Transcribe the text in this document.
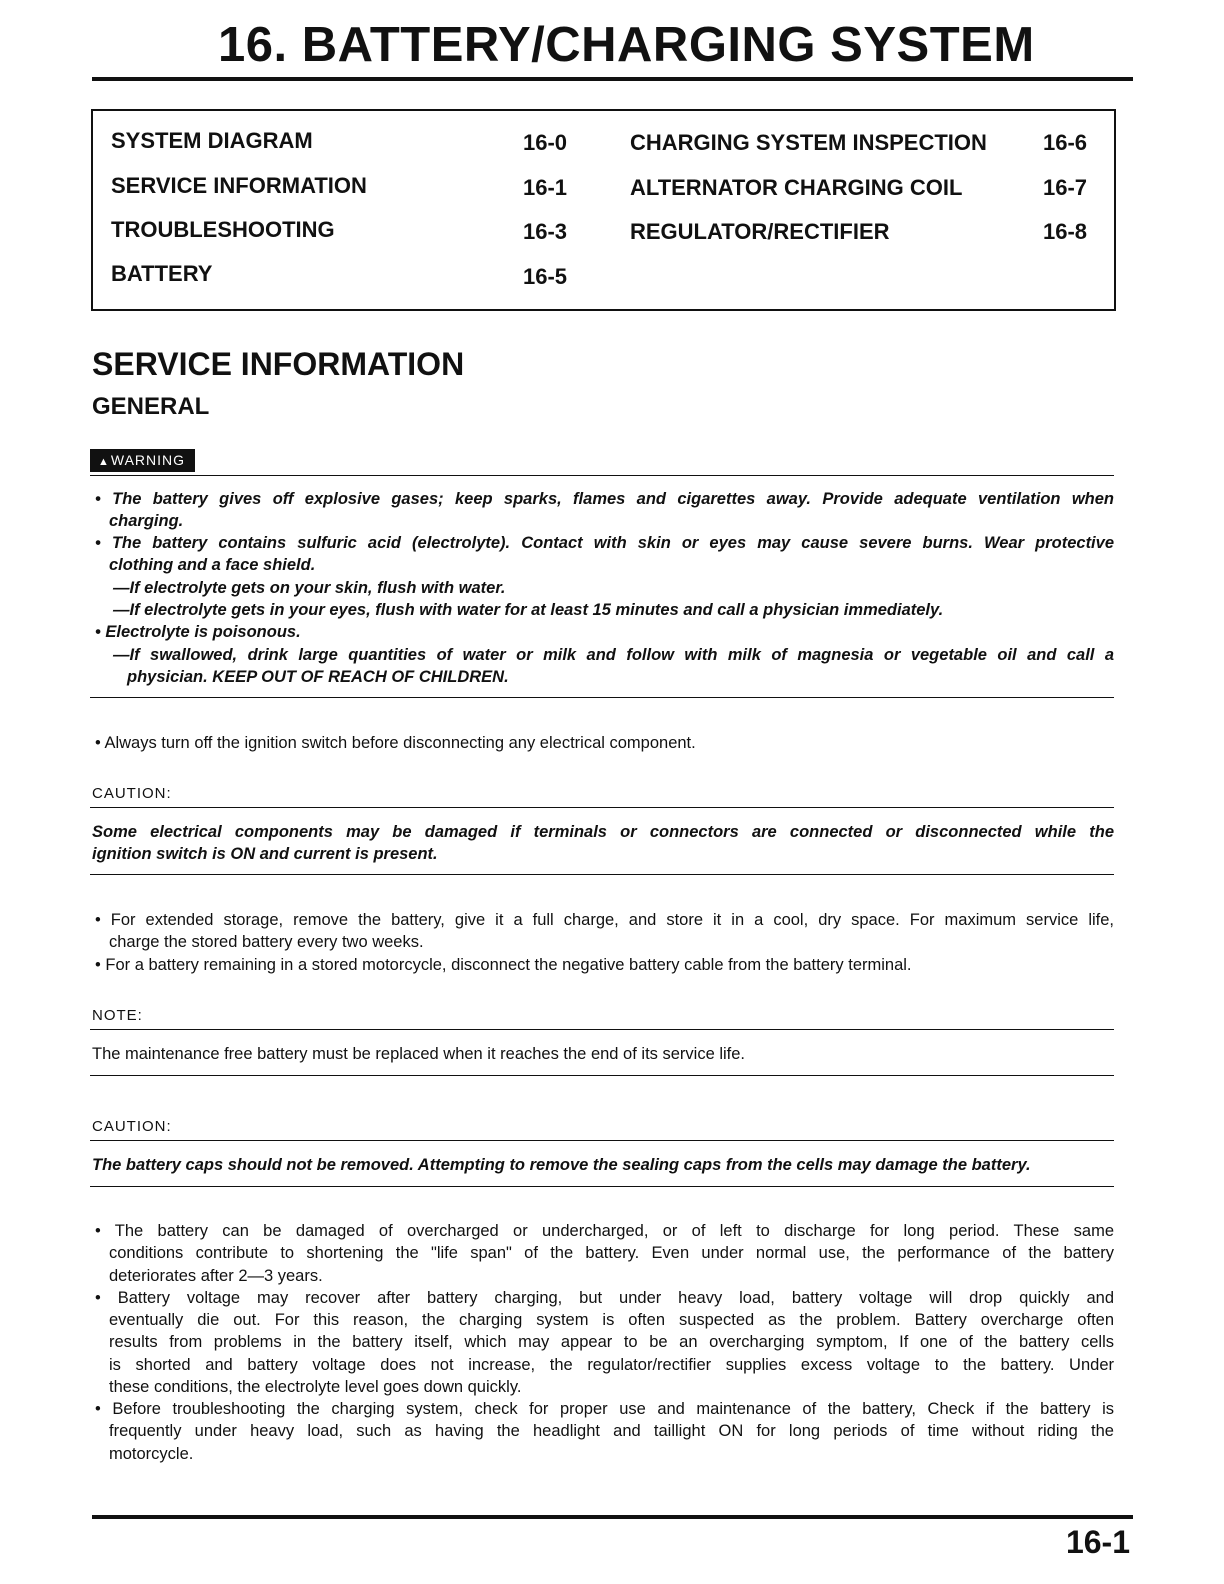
16. BATTERY/CHARGING SYSTEM
SYSTEM DIAGRAM	16-0
SERVICE INFORMATION	16-1
TROUBLESHOOTING	16-3
BATTERY	16-5
CHARGING SYSTEM INSPECTION	16-6
ALTERNATOR CHARGING COIL	16-7
REGULATOR/RECTIFIER	16-8
SERVICE INFORMATION
GENERAL
▲WARNING
• The battery gives off explosive gases; keep sparks, flames and cigarettes away. Provide adequate ventilation when
charging.
• The battery contains sulfuric acid (electrolyte). Contact with skin or eyes may cause severe burns. Wear protective
clothing and a face shield.
—If electrolyte gets on your skin, flush with water.
—If electrolyte gets in your eyes, flush with water for at least 15 minutes and call a physician immediately.
• Electrolyte is poisonous.
—If swallowed, drink large quantities of water or milk and follow with milk of magnesia or vegetable oil and call a
physician. KEEP OUT OF REACH OF CHILDREN.
• Always turn off the ignition switch before disconnecting any electrical component.
CAUTION:
Some electrical components may be damaged if terminals or connectors are connected or disconnected while the
ignition switch is ON and current is present.
• For extended storage, remove the battery, give it a full charge, and store it in a cool, dry space. For maximum service life,
charge the stored battery every two weeks.
• For a battery remaining in a stored motorcycle, disconnect the negative battery cable from the battery terminal.
NOTE:
The maintenance free battery must be replaced when it reaches the end of its service life.
CAUTION:
The battery caps should not be removed. Attempting to remove the sealing caps from the cells may damage the battery.
• The battery can be damaged of overcharged or undercharged, or of left to discharge for long period. These same
conditions contribute to shortening the "life span" of the battery. Even under normal use, the performance of the battery
deteriorates after 2—3 years.
• Battery voltage may recover after battery charging, but under heavy load, battery voltage will drop quickly and
eventually die out. For this reason, the charging system is often suspected as the problem. Battery overcharge often
results from problems in the battery itself, which may appear to be an overcharging symptom, If one of the battery cells
is shorted and battery voltage does not increase, the regulator/rectifier supplies excess voltage to the battery. Under
these conditions, the electrolyte level goes down quickly.
• Before troubleshooting the charging system, check for proper use and maintenance of the battery, Check if the battery is
frequently under heavy load, such as having the headlight and taillight ON for long periods of time without riding the
motorcycle.
16-1
